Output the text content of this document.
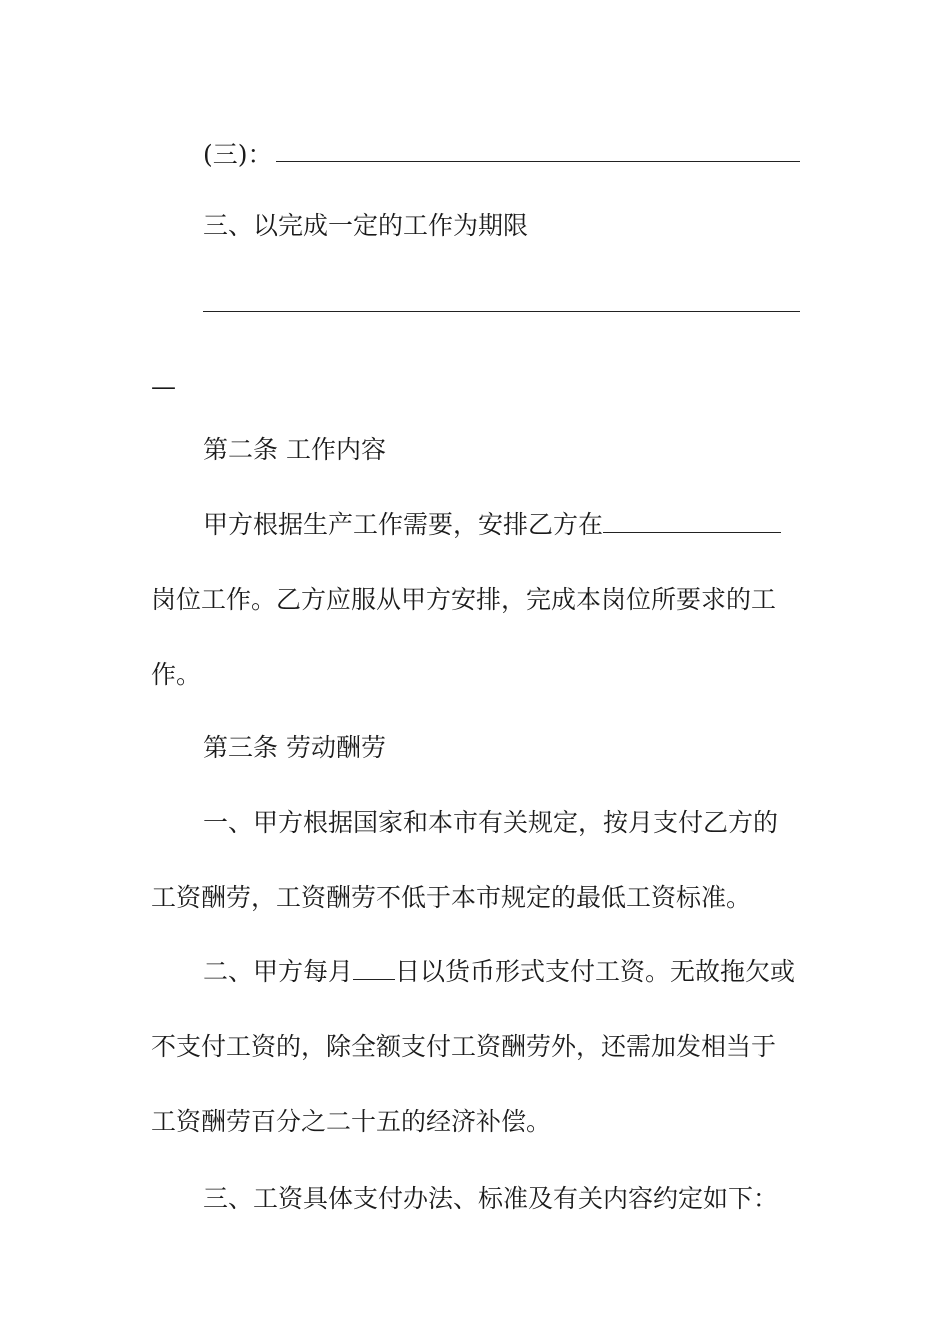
(三)：
三、以完成一定的工作为期限
—
第二条 工作内容
甲方根据生产工作需要，安排乙方在
岗位工作。乙方应服从甲方安排，完成本岗位所要求的工
作。
第三条 劳动酬劳
一、甲方根据国家和本市有关规定，按月支付乙方的
工资酬劳，工资酬劳不低于本市规定的最低工资标准。
二、甲方每月 日以货币形式支付工资。无故拖欠或
不支付工资的，除全额支付工资酬劳外，还需加发相当于
工资酬劳百分之二十五的经济补偿。
三、工资具体支付办法、标准及有关内容约定如下：
